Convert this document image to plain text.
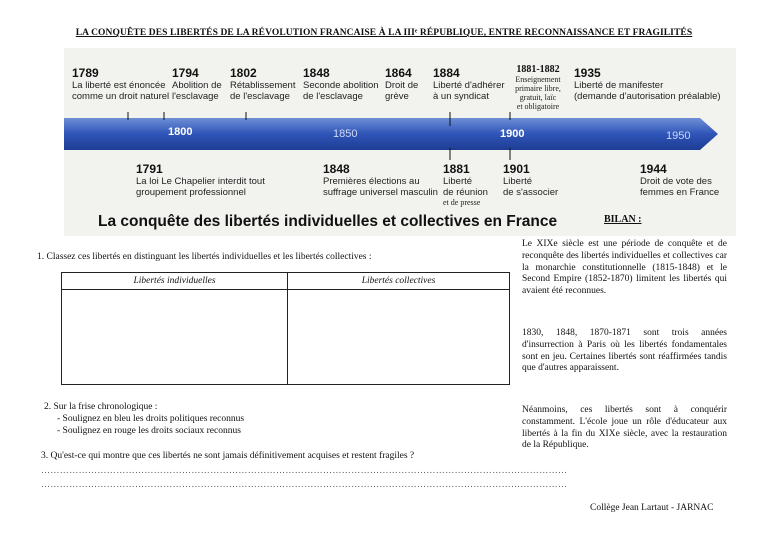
LA CONQUÊTE DES LIBERTÉS DE LA RÉVOLUTION FRANCAISE À LA IIIᵉ RÉPUBLIQUE, ENTRE RECONNAISSANCE ET FRAGILITÉS
1800	1850	1900	1950
1789
La liberté est énoncée
comme un droit naturel
1794
Abolition de
l'esclavage
1802
Rétablissement
de l'esclavage
1848
Seconde abolition
de l'esclavage
1864
Droit de
grève
1884
Liberté d'adhérer
à un syndicat
1881-1882
Enseignement
primaire libre,
gratuit, laïc
et obligatoire
1935
Liberté de manifester
(demande d'autorisation préalable)
1791
La loi Le Chapelier interdit tout
groupement professionnel
1848
Premières élections au
suffrage universel masculin
1881
Liberté
de réunion
et de presse
1901
Liberté
de s'associer
1944
Droit de vote des
femmes en France
La conquête des libertés individuelles et collectives en France	BILAN :
Le XIXe siècle est une période de conquête et de reconquête des libertés individuelles et collectives car la monarchie constitutionnelle (1815-1848) et le Second Empire (1852-1870) limitent les libertés qui avaient été reconnues.
1830, 1848, 1870-1871 sont trois années d'insurrection à Paris où les libertés fondamentales sont en jeu. Certaines libertés sont réaffirmées tandis que d'autres apparaissent.
Néanmoins, ces libertés sont à conquérir constamment. L'école joue un rôle d'éducateur aux libertés à la fin du XIXe siècle, avec la restauration de la République.
1. Classez ces libertés en distinguant les libertés individuelles et les libertés collectives :
Libertés individuelles	Libertés collectives

2. Sur la frise chronologique :
- Soulignez en bleu les droits politiques reconnus
- Soulignez en rouge les droits sociaux reconnus
3. Qu'est-ce qui montre que ces libertés ne sont jamais définitivement acquises et restent fragiles ?
……………………………………………………………………………………………………………………………………………………
……………………………………………………………………………………………………………………………………………………
Collège Jean Lartaut - JARNAC
